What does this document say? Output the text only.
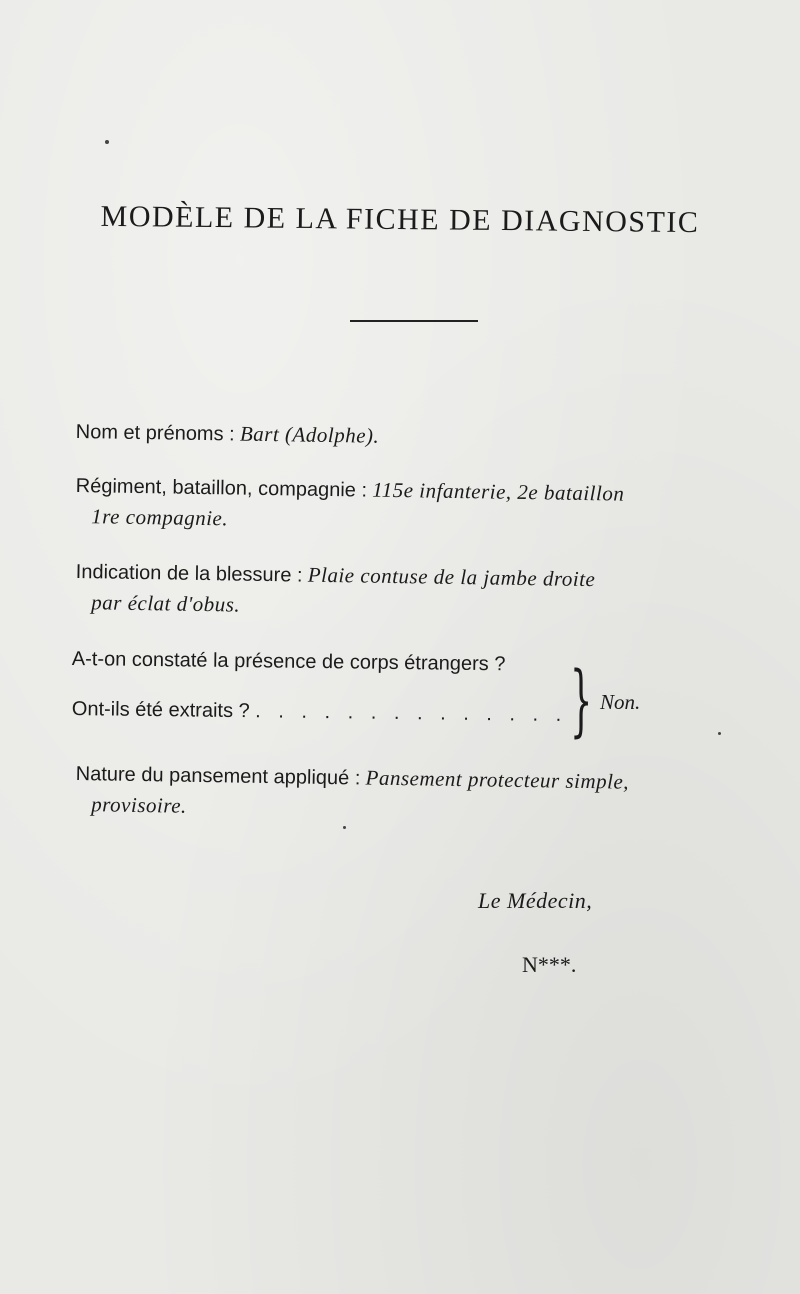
MODÈLE DE LA FICHE DE DIAGNOSTIC
Nom et prénoms : Bart (Adolphe).
Régiment, bataillon, compagnie : 115e infanterie, 2e bataillon
1re compagnie.
Indication de la blessure : Plaie contuse de la jambe droite
par éclat d'obus.
A-t-on constaté la présence de corps étrangers ?
Ont-ils été extraits ? . . . . . . . . . . . . . . .
} Non.
Nature du pansement appliqué : Pansement protecteur simple,
provisoire.
Le Médecin,
N***.
